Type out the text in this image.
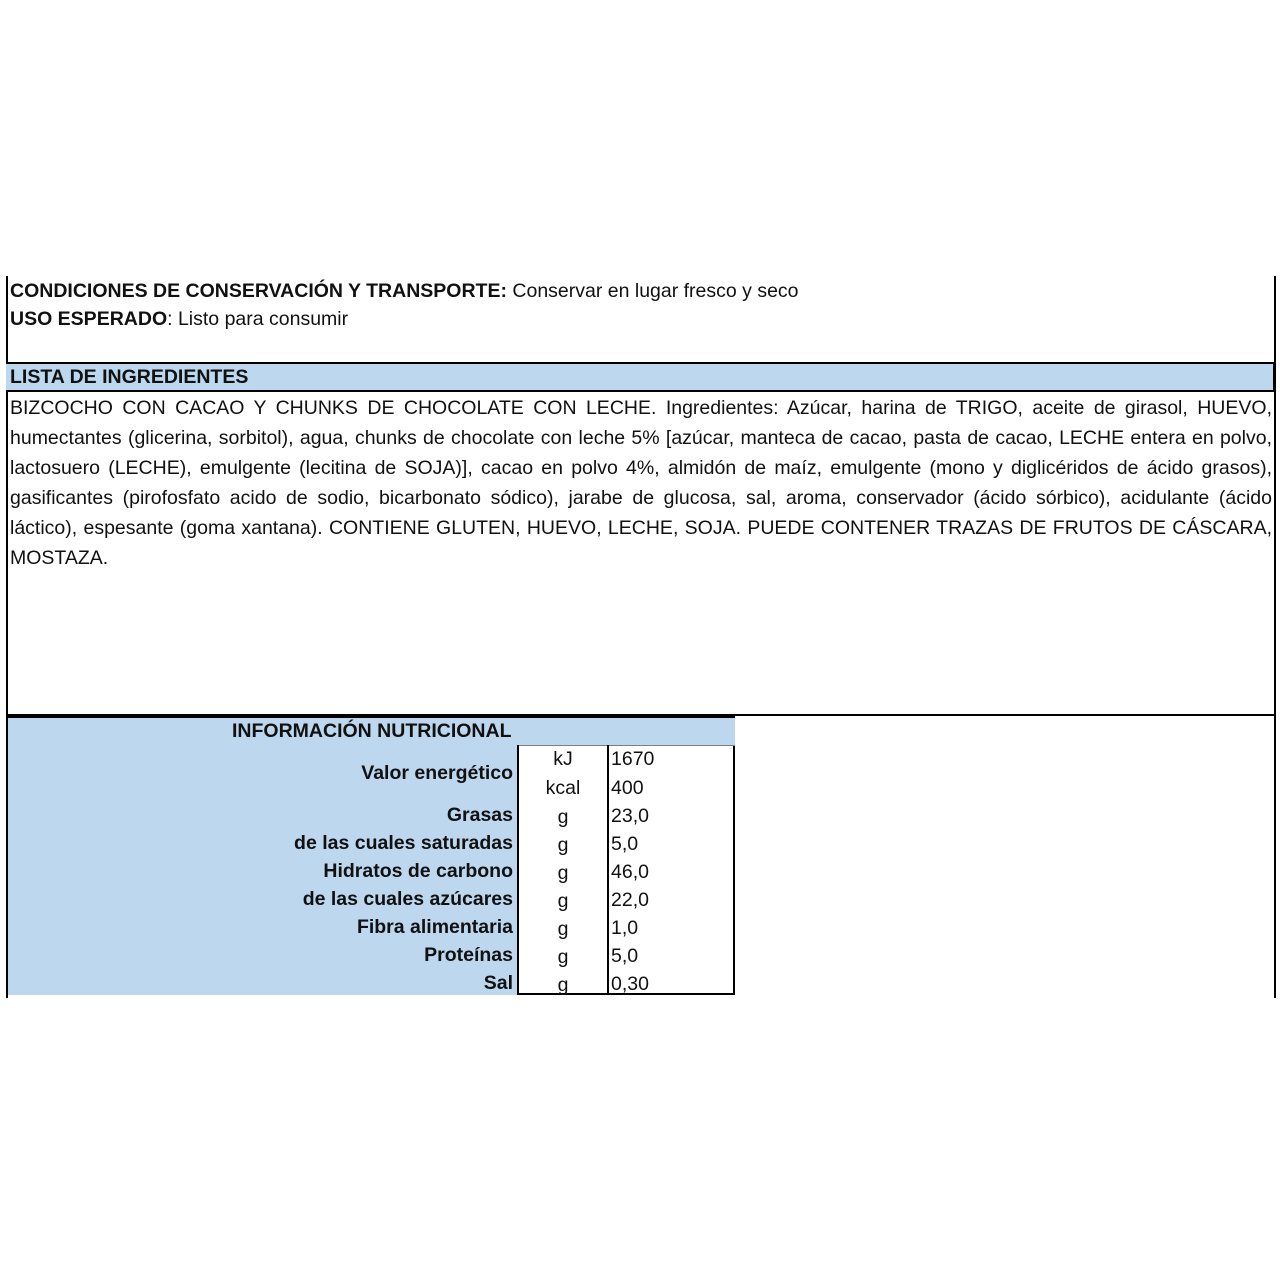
CONDICIONES DE CONSERVACIÓN Y TRANSPORTE: Conservar en lugar fresco y seco
USO ESPERADO: Listo para consumir
LISTA DE INGREDIENTES
BIZCOCHO CON CACAO Y CHUNKS DE CHOCOLATE CON LECHE. Ingredientes: Azúcar, harina de TRIGO, aceite de girasol, HUEVO, humectantes (glicerina, sorbitol), agua, chunks de chocolate con leche 5% [azúcar, manteca de cacao, pasta de cacao, LECHE entera en polvo, lactosuero (LECHE), emulgente (lecitina de SOJA)], cacao en polvo 4%, almidón de maíz, emulgente (mono y diglicéridos de ácido grasos), gasificantes (pirofosfato acido de sodio, bicarbonato sódico), jarabe de glucosa, sal, aroma, conservador (ácido sórbico), acidulante (ácido láctico), espesante (goma xantana). CONTIENE GLUTEN, HUEVO, LECHE, SOJA. PUEDE CONTENER TRAZAS DE FRUTOS DE CÁSCARA, MOSTAZA.
INFORMACIÓN NUTRICIONAL
Valor energético
Grasas
de las cuales saturadas
Hidratos de carbono
de las cuales azúcares
Fibra alimentaria
Proteínas
Sal
kJ
kcal
g
g
g
g
g
g
g
1670
400
23,0
5,0
46,0
22,0
1,0
5,0
0,30
